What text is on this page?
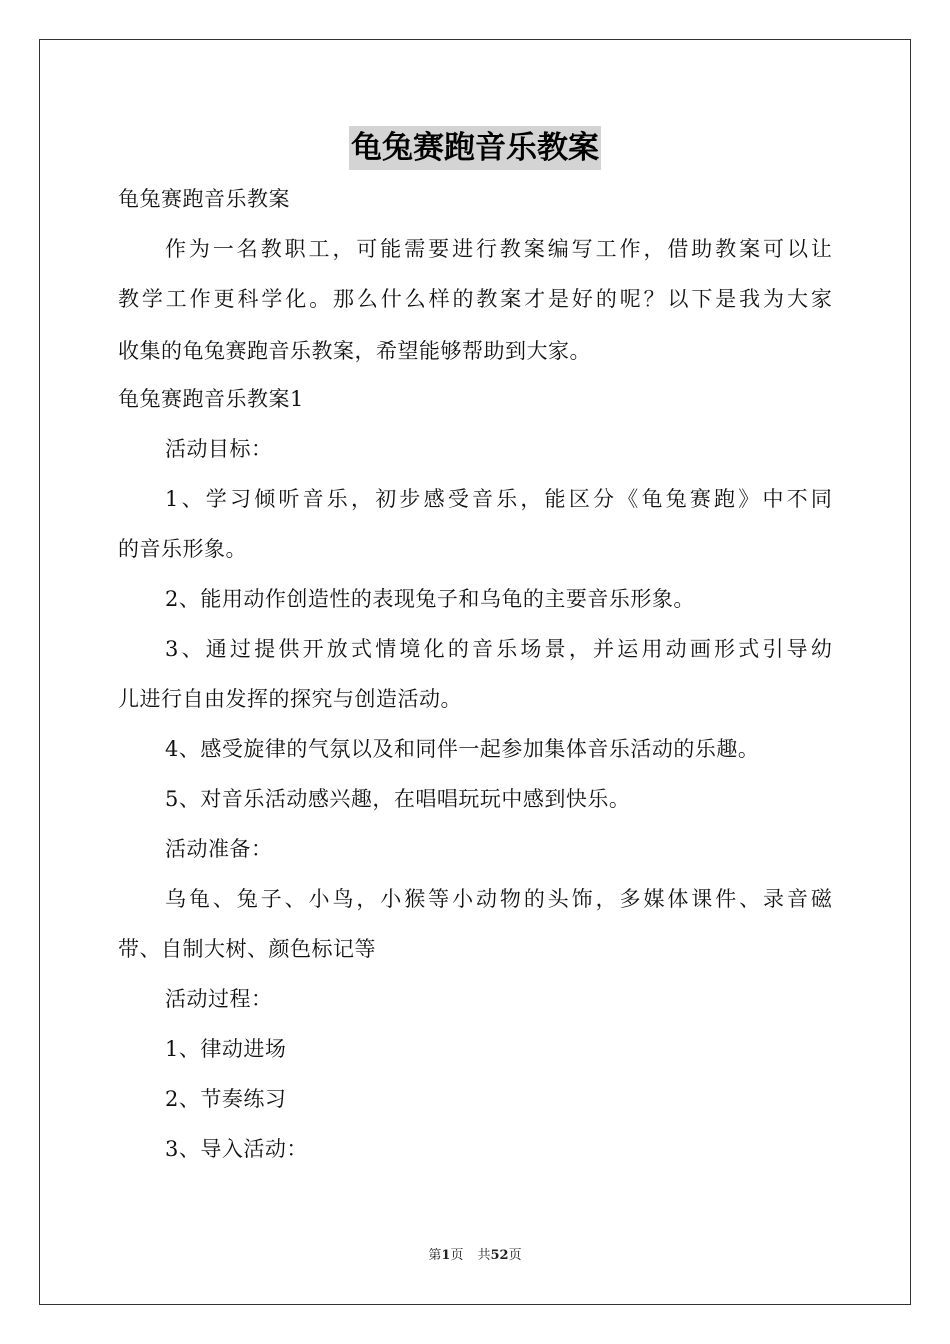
龟兔赛跑音乐教案
龟兔赛跑音乐教案
作 为 一 名 教 职 工 ， 可 能 需 要 进 行 教 案 编 写 工 作 ， 借 助 教 案 可 以 让
教 学 工 作 更 科 学 化 。 那 么 什 么 样 的 教 案 才 是 好 的 呢 ？ 以 下 是 我 为 大 家
收集的龟兔赛跑音乐教案，希望能够帮助到大家。
龟兔赛跑音乐教案1
活动目标：
1 、 学 习 倾 听 音 乐 ， 初 步 感 受 音 乐 ， 能 区 分 《 龟 兔 赛 跑 》 中 不 同
的音乐形象。
2、能用动作创造性的表现兔子和乌龟的主要音乐形象。
3 、 通 过 提 供 开 放 式 情 境 化 的 音 乐 场 景 ， 并 运 用 动 画 形 式 引 导 幼
儿进行自由发挥的探究与创造活动。
4、感受旋律的气氛以及和同伴一起参加集体音乐活动的乐趣。
5、对音乐活动感兴趣，在唱唱玩玩中感到快乐。
活动准备：
乌 龟 、 兔 子 、 小 鸟 ， 小 猴 等 小 动 物 的 头 饰 ， 多 媒 体 课 件 、 录 音 磁
带、自制大树、颜色标记等
活动过程：
1、律动进场
2、节奏练习
3、导入活动：
第1页 共52页
